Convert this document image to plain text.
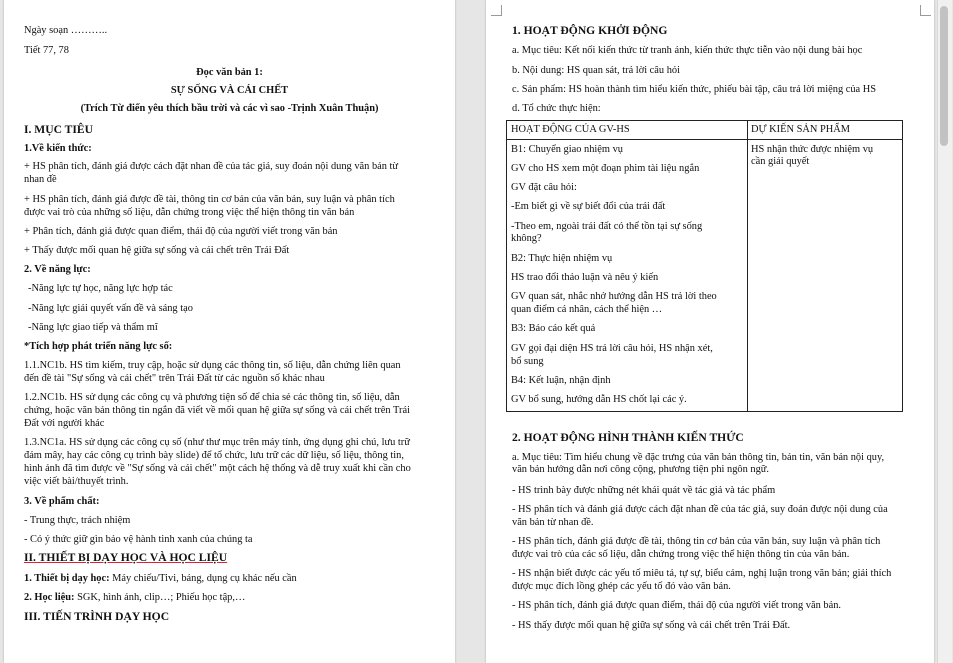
Ngày soạn ………..
Tiết 77, 78
Đọc văn bản 1:
SỰ SỐNG VÀ CÁI CHẾT
(Trích Từ điển yêu thích bầu trời và các vì sao -Trịnh Xuân Thuận)
I. MỤC TIÊU
1.Về kiến thức:
+ HS phân tích, đánh giá được cách đặt nhan đề của tác giả, suy đoán nội dung văn bản từ
nhan đề
+ HS phân tích, đánh giá được đề tài, thông tin cơ bản của văn bản, suy luận và phân tích
được vai trò của những số liệu, dẫn chứng trong việc thể hiện thông tin văn bản
+ Phân tích, đánh giá được quan điểm, thái độ của người viết trong văn bản
+ Thấy được mối quan hệ giữa sự sống và cái chết trên Trái Đất
2. Về năng lực:
-Năng lực tự học, năng lực hợp tác
-Năng lực giải quyết vấn đề và sáng tạo
-Năng lực giao tiếp và thẩm mĩ
*Tích hợp phát triển năng lực số:
1.1.NC1b. HS tìm kiếm, truy cập, hoặc sử dụng các thông tin, số liệu, dẫn chứng liên quan
đến đề tài "Sự sống và cái chết" trên Trái Đất từ các nguồn số khác nhau
1.2.NC1b. HS sử dụng các công cụ và phương tiện số để chia sẻ các thông tin, số liệu, dẫn
chứng, hoặc văn bản thông tin ngắn đã viết về mối quan hệ giữa sự sống và cái chết trên Trái
Đất với người khác
1.3.NC1a. HS sử dụng các công cụ số (như thư mục trên máy tính, ứng dụng ghi chú, lưu trữ
đám mây, hay các công cụ trình bày slide) để tổ chức, lưu trữ các dữ liệu, số liệu, thông tin,
hình ảnh đã tìm được về "Sự sống và cái chết" một cách hệ thống và dễ truy xuất khi cần cho
việc viết bài/thuyết trình.
3. Về phẩm chất:
- Trung thực, trách nhiệm
- Có ý thức giữ gìn bảo vệ hành tinh xanh của chúng ta
II. THIẾT BỊ DẠY HỌC VÀ HỌC LIỆU
1. Thiết bị dạy học: Máy chiếu/Tivi, bảng, dụng cụ khác nếu cần
2. Học liệu: SGK, hình ảnh, clip…; Phiếu học tập,…
III. TIẾN TRÌNH DẠY HỌC
1. HOẠT ĐỘNG KHỞI ĐỘNG
a. Mục tiêu: Kết nối kiến thức từ tranh ảnh, kiến thức thực tiễn vào nội dung bài học
b. Nội dung: HS quan sát, trả lời câu hỏi
c. Sản phẩm: HS hoàn thành tìm hiểu kiến thức, phiếu bài tập, câu trả lời miệng của HS
d. Tổ chức thực hiện:
HOẠT ĐỘNG CỦA GV-HS	DỰ KIẾN SẢN PHẨM
B1: Chuyển giao nhiệm vụ
GV cho HS xem một đoạn phim tài liệu ngắn
GV đặt câu hỏi:
-Em biết gì về sự biết đổi của trái đất
-Theo em, ngoài trái đất có thể tồn tại sự sống
không?
B2: Thực hiện nhiệm vụ
HS trao đổi thảo luận và nêu ý kiến
GV quan sát, nhắc nhở hướng dẫn HS trả lời theo
quan điểm cá nhân, cách thể hiện …
B3: Báo cáo kết quả
GV gọi đại diện HS trả lời câu hỏi, HS nhận xét,
bổ sung
B4: Kết luận, nhận định
GV bổ sung, hướng dẫn HS chốt lại các ý.
HS nhận thức được nhiệm vụ
cần giải quyết
2. HOẠT ĐỘNG HÌNH THÀNH KIẾN THỨC
a. Mục tiêu: Tìm hiểu chung về đặc trưng của văn bản thông tin, bản tin, văn bản nội quy,
văn bản hướng dẫn nơi công cộng, phương tiện phi ngôn ngữ.
- HS trình bày được những nét khái quát về tác giả và tác phẩm
- HS phân tích và đánh giá được cách đặt nhan đề của tác giả, suy đoán được nội dung của
văn bản từ nhan đề.
- HS phân tích, đánh giá được đề tài, thông tin cơ bản của văn bản, suy luận và phân tích
được vai trò của các số liệu, dẫn chứng trong việc thể hiện thông tin của văn bản.
- HS nhận biết được các yếu tố miêu tả, tự sự, biểu cảm, nghị luận trong văn bản; giải thích
được mục đích lồng ghép các yếu tố đó vào văn bản.
- HS phân tích, đánh giá được quan điểm, thái độ của người viết trong văn bản.
- HS thấy được mối quan hệ giữa sự sống và cái chết trên Trái Đất.
